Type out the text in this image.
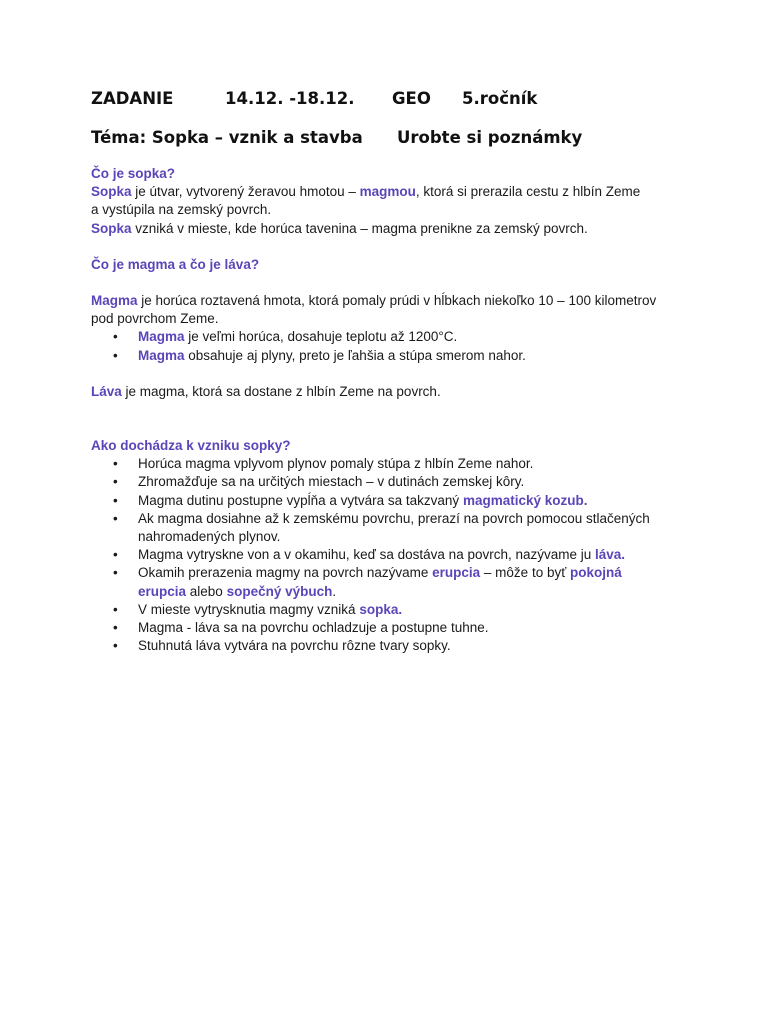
ZADANIE	14.12. -18.12. GEO 5.ročník
Téma: Sopka – vznik a stavba Urobte si poznámky

Čo je sopka?

Sopka je útvar, vytvorený žeravou hmotou – magmou, ktorá si prerazila cestu z hlbín Zeme

a vystúpila na zemský povrch.

Sopka vzniká v mieste, kde horúca tavenina – magma prenikne za zemský povrch.

Čo je magma a čo je láva?

Magma je horúca roztavená hmota, ktorá pomaly prúdi v hĺbkach niekoľko 10 – 100 kilometrov

pod povrchom Zeme.

• Magma je veľmi horúca, dosahuje teplotu až 1200°C.
• Magma obsahuje aj plyny, preto je ľahšia a stúpa smerom nahor.

Láva je magma, ktorá sa dostane z hlbín Zeme na povrch.

Ako dochádza k vzniku sopky?

• Horúca magma vplyvom plynov pomaly stúpa z hlbín Zeme nahor.
• Zhromažďuje sa na určitých miestach – v dutinách zemskej kôry.
• Magma dutinu postupne vypĺňa a vytvára sa takzvaný magmatický kozub.
• Ak magma dosiahne až k zemskému povrchu, prerazí na povrch pomocou stlačených
nahromadených plynov.
• Magma vytryskne von a v okamihu, keď sa dostáva na povrch, nazývame ju láva.
• Okamih prerazenia magmy na povrch nazývame erupcia – môže to byť pokojná
erupcia alebo sopečný výbuch.
• V mieste vytrysknutia magmy vzniká sopka.
• Magma - láva sa na povrchu ochladzuje a postupne tuhne.
• Stuhnutá láva vytvára na povrchu rôzne tvary sopky.
